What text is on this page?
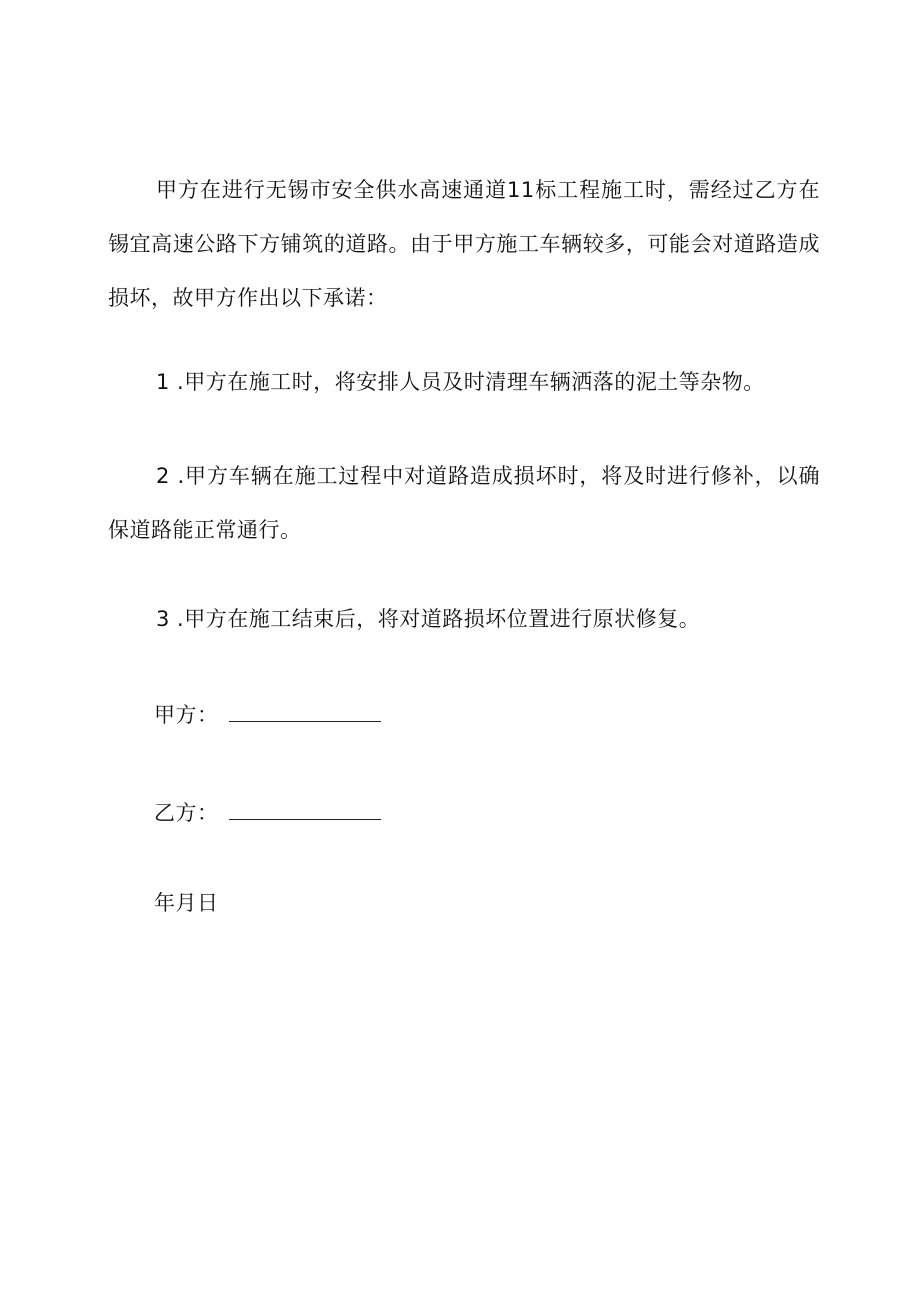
甲方在进行无锡市安全供水高速通道11标工程施工时，需经过乙方在锡宜高速公路下方铺筑的道路。由于甲方施工车辆较多，可能会对道路造成损坏，故甲方作出以下承诺：

1 .甲方在施工时，将安排人员及时清理车辆洒落的泥土等杂物。

2 .甲方车辆在施工过程中对道路造成损坏时，将及时进行修补，以确保道路能正常通行。

3 .甲方在施工结束后，将对道路损坏位置进行原状修复。

甲方：
乙方：
年月日
